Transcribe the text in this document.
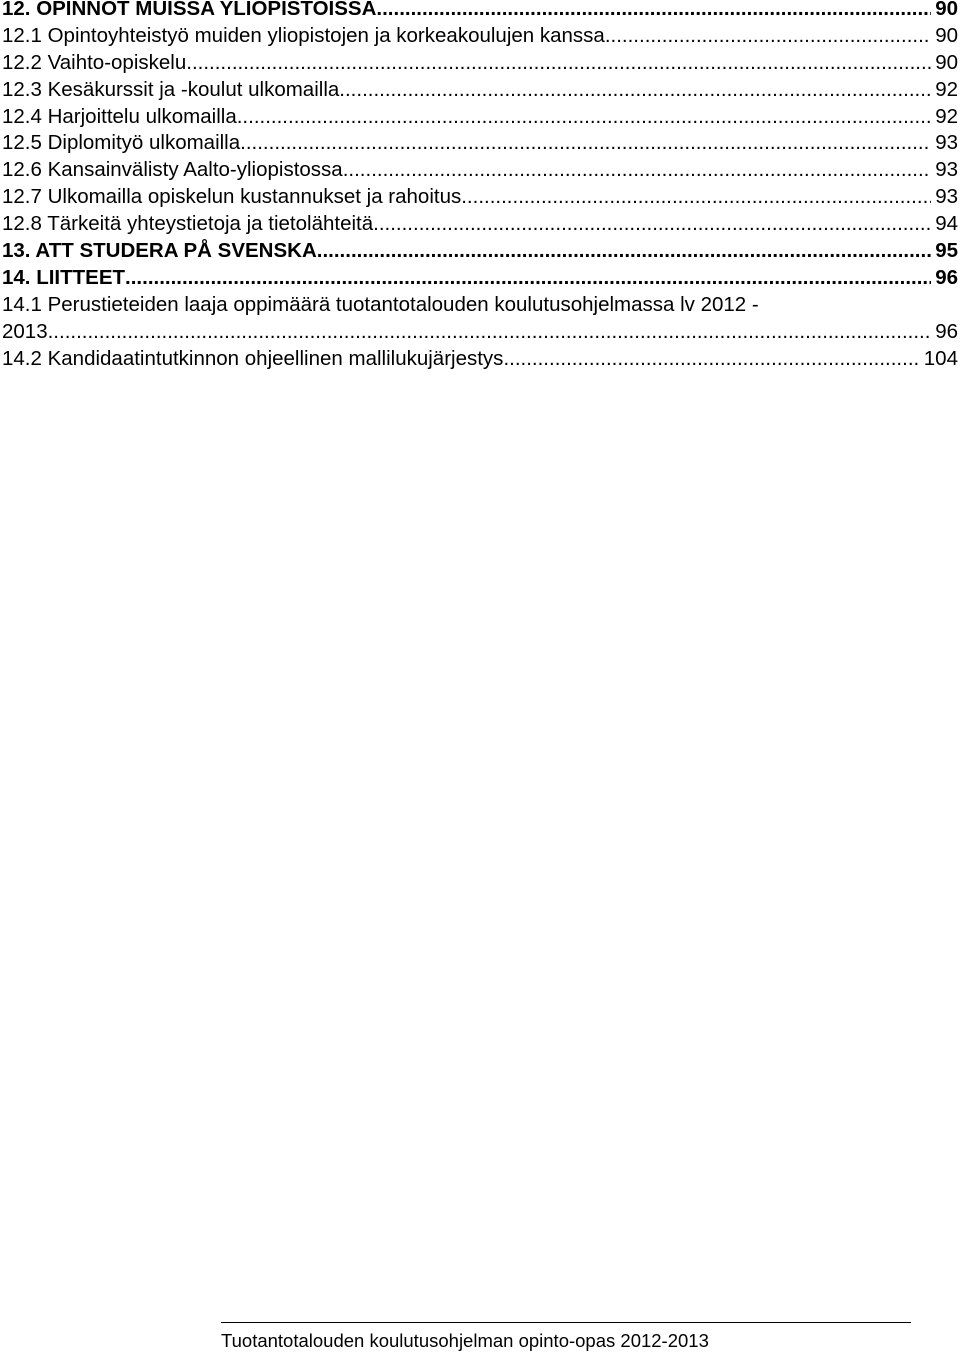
12. OPINNOT MUISSA YLIOPISTOISSA .....	90
12.1 Opintoyhteistyö muiden yliopistojen ja korkeakoulujen kanssa .....	90
12.2 Vaihto-opiskelu .....	90
12.3 Kesäkurssit ja -koulut ulkomailla .....	92
12.4 Harjoittelu ulkomailla .....	92
12.5 Diplomityö ulkomailla .....	93
12.6 Kansainvälisty Aalto-yliopistossa .....	93
12.7 Ulkomailla opiskelun kustannukset ja rahoitus .....	93
12.8 Tärkeitä yhteystietoja ja tietolähteitä .....	94
13. ATT STUDERA PÅ SVENSKA .....	95
14. LIITTEET .....	96
14.1 Perustieteiden laaja oppimäärä tuotantotalouden koulutusohjelmassa lv 2012 -
2013 .....	96
14.2 Kandidaatintutkinnon ohjeellinen mallilukujärjestys .....	104
Tuotantotalouden koulutusohjelman opinto-opas 2012-2013
